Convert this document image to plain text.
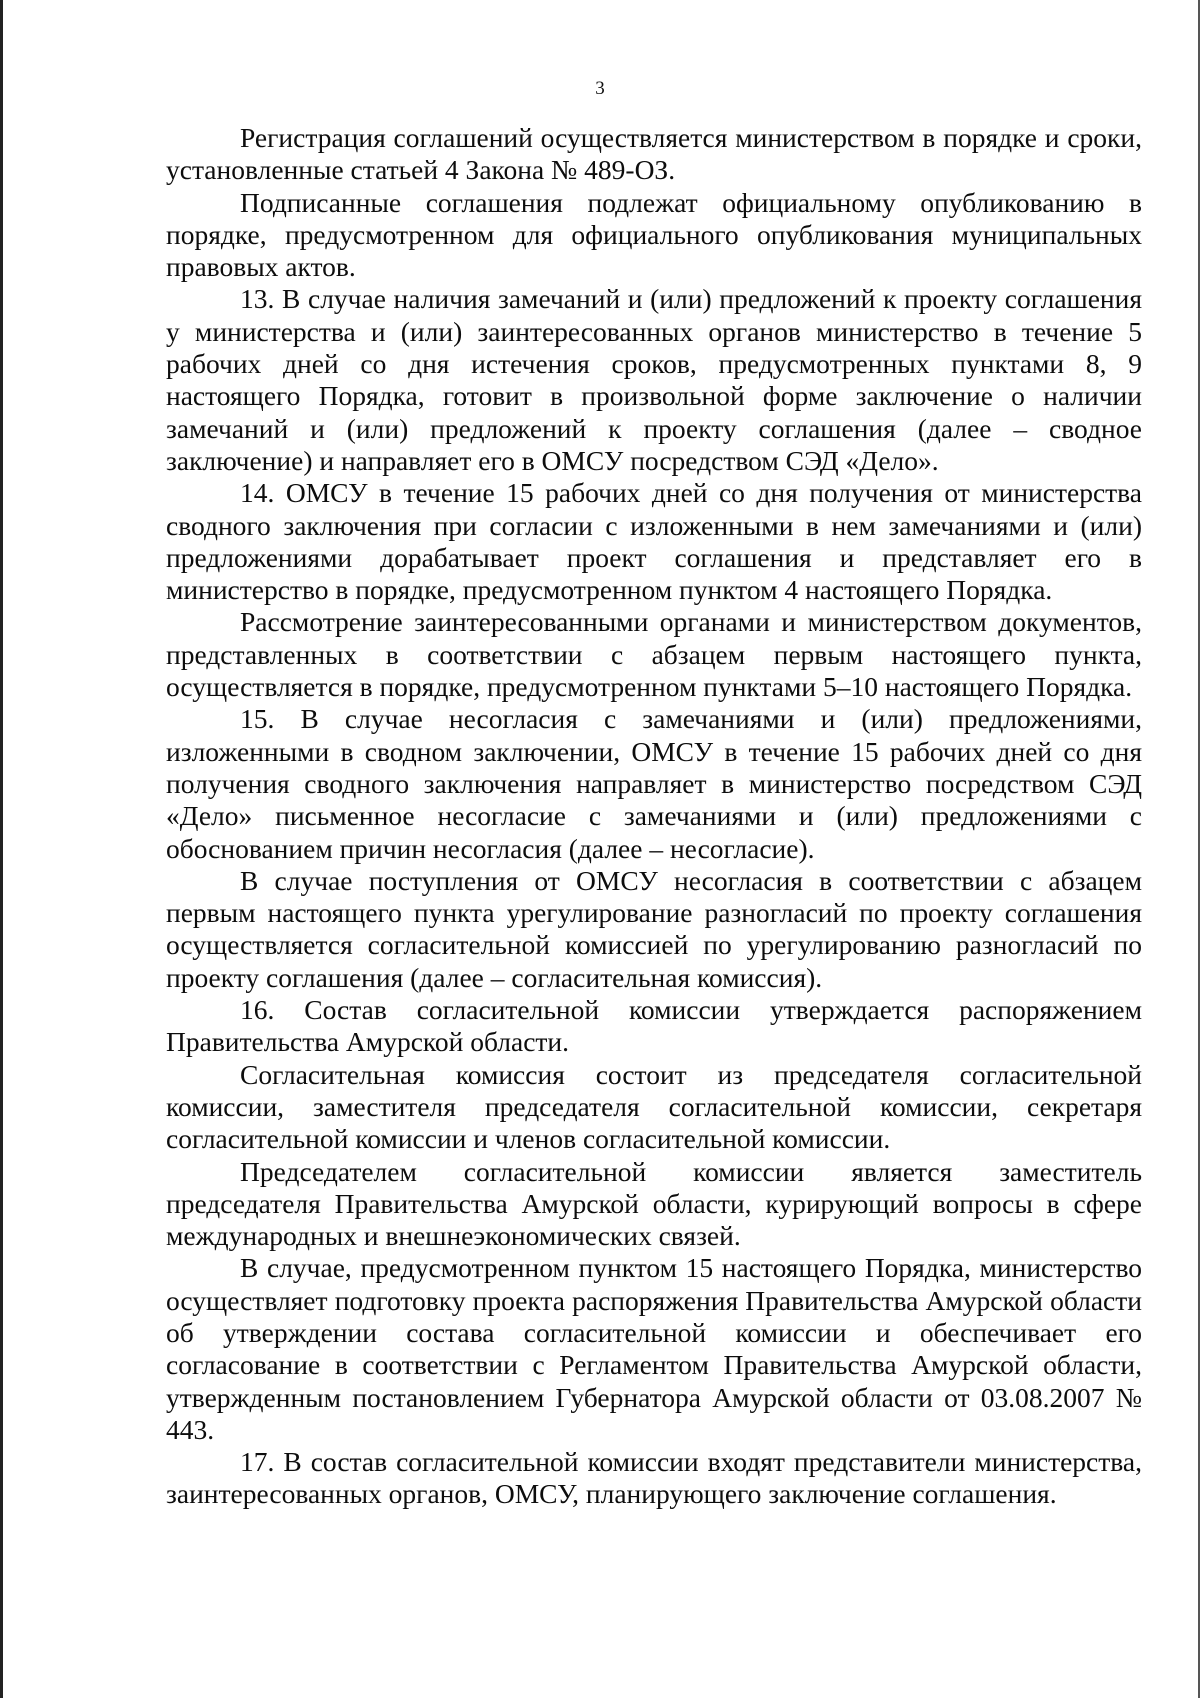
3

Регистрация соглашений осуществляется министерством в порядке и сроки, установленные статьей 4 Закона № 489-ОЗ.

Подписанные соглашения подлежат официальному опубликованию в порядке, предусмотренном для официального опубликования муниципальных правовых актов.

13. В случае наличия замечаний и (или) предложений к проекту соглашения у министерства и (или) заинтересованных органов министерство в течение 5 рабочих дней со дня истечения сроков, предусмотренных пунктами 8, 9 настоящего Порядка, готовит в произвольной форме заключение о наличии замечаний и (или) предложений к проекту соглашения (далее – сводное заключение) и направляет его в ОМСУ посредством СЭД «Дело».

14. ОМСУ в течение 15 рабочих дней со дня получения от министерства сводного заключения при согласии с изложенными в нем замечаниями и (или) предложениями дорабатывает проект соглашения и представляет его в министерство в порядке, предусмотренном пунктом 4 настоящего Порядка.

Рассмотрение заинтересованными органами и министерством документов, представленных в соответствии с абзацем первым настоящего пункта, осуществляется в порядке, предусмотренном пунктами 5–10 настоящего Порядка.

15. В случае несогласия с замечаниями и (или) предложениями, изложенными в сводном заключении, ОМСУ в течение 15 рабочих дней со дня получения сводного заключения направляет в министерство посредством СЭД «Дело» письменное несогласие с замечаниями и (или) предложениями с обоснованием причин несогласия (далее – несогласие).

В случае поступления от ОМСУ несогласия в соответствии с абзацем первым настоящего пункта урегулирование разногласий по проекту соглашения осуществляется согласительной комиссией по урегулированию разногласий по проекту соглашения (далее – согласительная комиссия).

16. Состав согласительной комиссии утверждается распоряжением Правительства Амурской области.

Согласительная комиссия состоит из председателя согласительной комиссии, заместителя председателя согласительной комиссии, секретаря согласительной комиссии и членов согласительной комиссии.

Председателем согласительной комиссии является заместитель председателя Правительства Амурской области, курирующий вопросы в сфере международных и внешнеэкономических связей.

В случае, предусмотренном пунктом 15 настоящего Порядка, министерство осуществляет подготовку проекта распоряжения Правительства Амурской области об утверждении состава согласительной комиссии и обеспечивает его согласование в соответствии с Регламентом Правительства Амурской области, утвержденным постановлением Губернатора Амурской области от 03.08.2007 № 443.

17. В состав согласительной комиссии входят представители министерства, заинтересованных органов, ОМСУ, планирующего заключение соглашения.
